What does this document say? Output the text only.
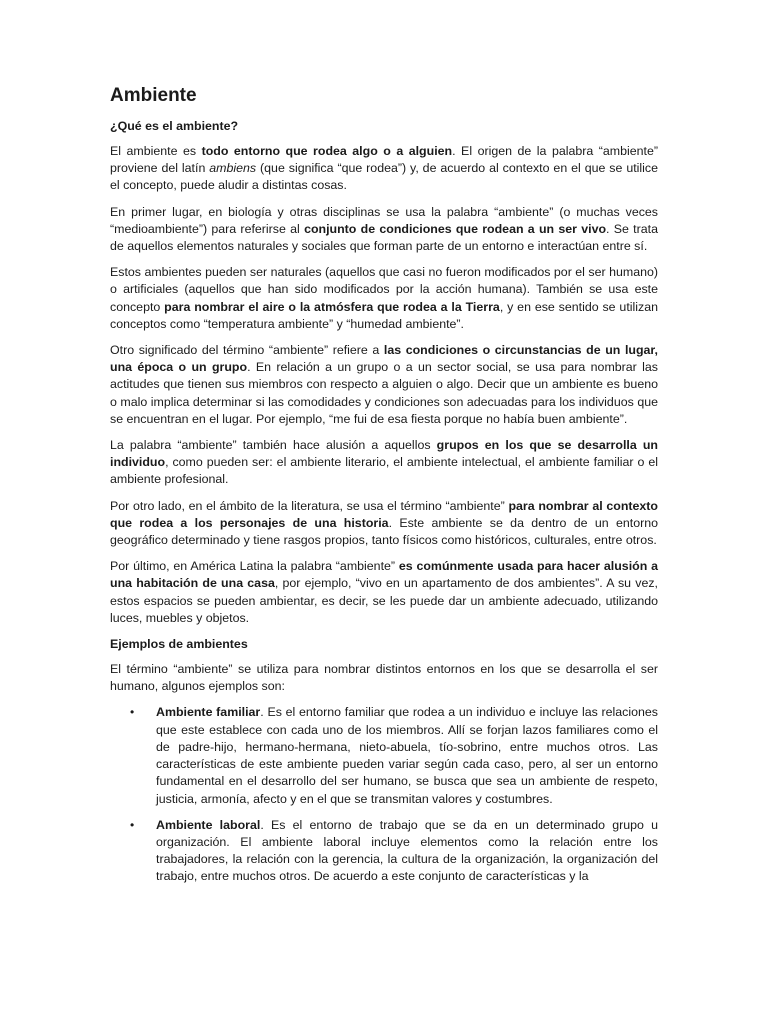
Ambiente
¿Qué es el ambiente?

El ambiente es todo entorno que rodea algo o a alguien. El origen de la palabra “ambiente” proviene del latín ambiens (que significa “que rodea”) y, de acuerdo al contexto en el que se utilice el concepto, puede aludir a distintas cosas.

En primer lugar, en biología y otras disciplinas se usa la palabra “ambiente” (o muchas veces “medioambiente”) para referirse al conjunto de condiciones que rodean a un ser vivo. Se trata de aquellos elementos naturales y sociales que forman parte de un entorno e interactúan entre sí.

Estos ambientes pueden ser naturales (aquellos que casi no fueron modificados por el ser humano) o artificiales (aquellos que han sido modificados por la acción humana). También se usa este concepto para nombrar el aire o la atmósfera que rodea a la Tierra, y en ese sentido se utilizan conceptos como “temperatura ambiente” y “humedad ambiente”.

Otro significado del término “ambiente” refiere a las condiciones o circunstancias de un lugar, una época o un grupo. En relación a un grupo o a un sector social, se usa para nombrar las actitudes que tienen sus miembros con respecto a alguien o algo. Decir que un ambiente es bueno o malo implica determinar si las comodidades y condiciones son adecuadas para los individuos que se encuentran en el lugar. Por ejemplo, “me fui de esa fiesta porque no había buen ambiente”.

La palabra “ambiente” también hace alusión a aquellos grupos en los que se desarrolla un individuo, como pueden ser: el ambiente literario, el ambiente intelectual, el ambiente familiar o el ambiente profesional.

Por otro lado, en el ámbito de la literatura, se usa el término “ambiente” para nombrar al contexto que rodea a los personajes de una historia. Este ambiente se da dentro de un entorno geográfico determinado y tiene rasgos propios, tanto físicos como históricos, culturales, entre otros.

Por último, en América Latina la palabra “ambiente” es comúnmente usada para hacer alusión a una habitación de una casa, por ejemplo, “vivo en un apartamento de dos ambientes”. A su vez, estos espacios se pueden ambientar, es decir, se les puede dar un ambiente adecuado, utilizando luces, muebles y objetos.

Ejemplos de ambientes

El término “ambiente” se utiliza para nombrar distintos entornos en los que se desarrolla el ser humano, algunos ejemplos son:

• Ambiente familiar. Es el entorno familiar que rodea a un individuo e incluye las relaciones que este establece con cada uno de los miembros. Allí se forjan lazos familiares como el de padre-hijo, hermano-hermana, nieto-abuela, tío-sobrino, entre muchos otros. Las características de este ambiente pueden variar según cada caso, pero, al ser un entorno fundamental en el desarrollo del ser humano, se busca que sea un ambiente de respeto, justicia, armonía, afecto y en el que se transmitan valores y costumbres.
• Ambiente laboral. Es el entorno de trabajo que se da en un determinado grupo u organización. El ambiente laboral incluye elementos como la relación entre los trabajadores, la relación con la gerencia, la cultura de la organización, la organización del trabajo, entre muchos otros. De acuerdo a este conjunto de características y la
